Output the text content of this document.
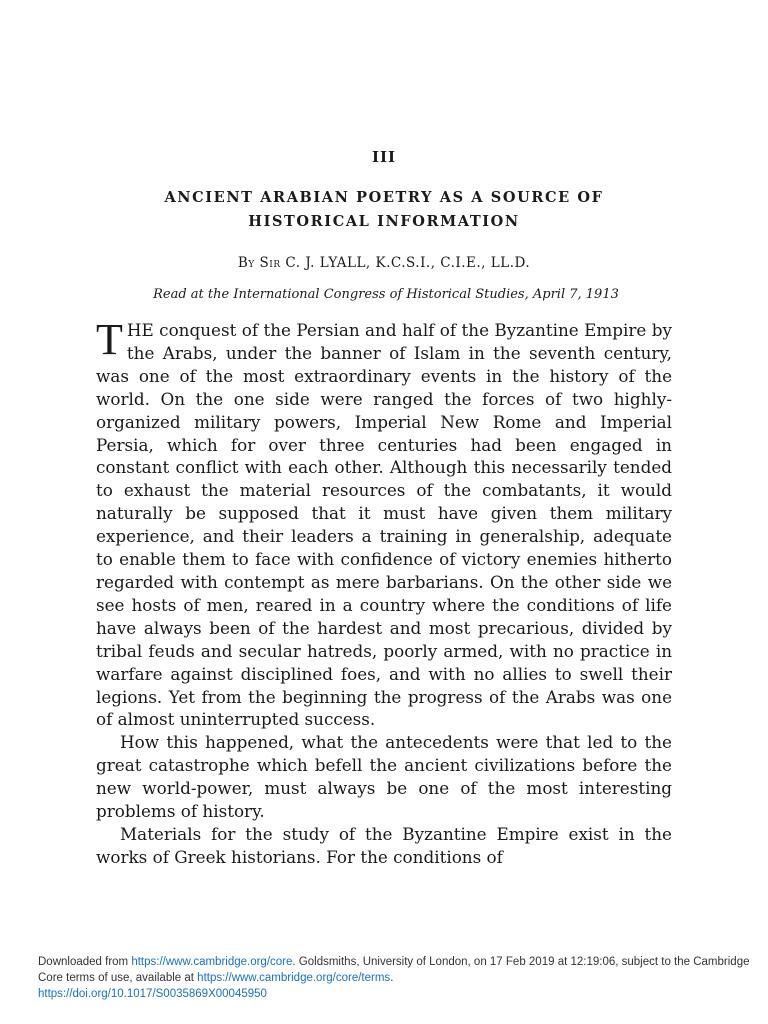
III
ANCIENT ARABIAN POETRY AS A SOURCE OF
HISTORICAL INFORMATION
By Sir C. J. LYALL, K.C.S.I., C.I.E., LL.D.
Read at the International Congress of Historical Studies, April 7, 1913

THE conquest of the Persian and half of the Byzantine Empire by the Arabs, under the banner of Islam in the seventh century, was one of the most extraordinary events in the history of the world. On the one side were ranged the forces of two highly-organized military powers, Imperial New Rome and Imperial Persia, which for over three centuries had been engaged in constant conflict with each other. Although this necessarily tended to exhaust the material resources of the combatants, it would naturally be supposed that it must have given them military experience, and their leaders a training in generalship, adequate to enable them to face with confidence of victory enemies hitherto regarded with contempt as mere barbarians. On the other side we see hosts of men, reared in a country where the conditions of life have always been of the hardest and most precarious, divided by tribal feuds and secular hatreds, poorly armed, with no practice in warfare against disciplined foes, and with no allies to swell their legions. Yet from the beginning the progress of the Arabs was one of almost uninterrupted success.

How this happened, what the antecedents were that led to the great catastrophe which befell the ancient civilizations before the new world-power, must always be one of the most interesting problems of history.

Materials for the study of the Byzantine Empire exist in the works of Greek historians. For the conditions of

Downloaded from https://www.cambridge.org/core. Goldsmiths, University of London, on 17 Feb 2019 at 12:19:06, subject to the Cambridge Core terms of use, available at https://www.cambridge.org/core/terms.
https://doi.org/10.1017/S0035869X00045950
